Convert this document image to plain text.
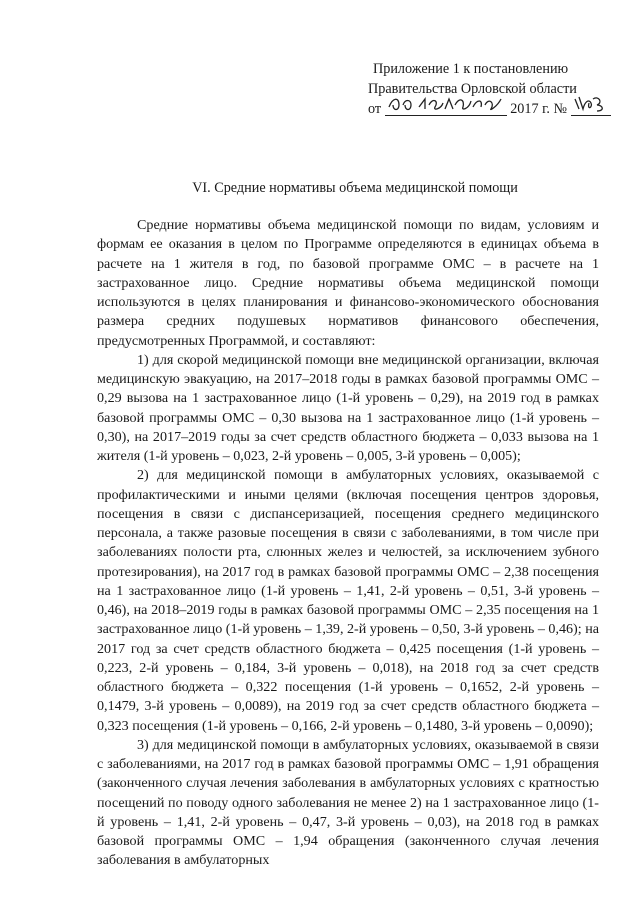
Приложение 1 к постановлению
Правительства Орловской области
от	2017 г. №
VI. Средние нормативы объема медицинской помощи

Средние нормативы объема медицинской помощи по видам, условиям и формам ее оказания в целом по Программе определяются в единицах объема в расчете на 1 жителя в год, по базовой программе ОМС – в расчете на 1 застрахованное лицо. Средние нормативы объема медицинской помощи используются в целях планирования и финансово-экономического обоснования размера средних подушевых нормативов финансового обеспечения, предусмотренных Программой, и составляют:

1) для скорой медицинской помощи вне медицинской организации, включая медицинскую эвакуацию, на 2017–2018 годы в рамках базовой программы ОМС – 0,29 вызова на 1 застрахованное лицо (1-й уровень – 0,29), на 2019 год в рамках базовой программы ОМС – 0,30 вызова на 1 застрахованное лицо (1-й уровень – 0,30), на 2017–2019 годы за счет средств областного бюджета – 0,033 вызова на 1 жителя (1-й уровень – 0,023, 2-й уровень – 0,005, 3-й уровень – 0,005);

2) для медицинской помощи в амбулаторных условиях, оказываемой с профилактическими и иными целями (включая посещения центров здоровья, посещения в связи с диспансеризацией, посещения среднего медицинского персонала, а также разовые посещения в связи с заболеваниями, в том числе при заболеваниях полости рта, слюнных желез и челюстей, за исключением зубного протезирования), на 2017 год в рамках базовой программы ОМС – 2,38 посещения на 1 застрахованное лицо (1-й уровень – 1,41, 2-й уровень – 0,51, 3-й уровень – 0,46), на 2018–2019 годы в рамках базовой программы ОМС – 2,35 посещения на 1 застрахованное лицо (1-й уровень – 1,39, 2-й уровень – 0,50, 3-й уровень – 0,46); на 2017 год за счет средств областного бюджета – 0,425 посещения (1-й уровень – 0,223, 2-й уровень – 0,184, 3-й уровень – 0,018), на 2018 год за счет средств областного бюджета – 0,322 посещения (1-й уровень – 0,1652, 2-й уровень – 0,1479, 3-й уровень – 0,0089), на 2019 год за счет средств областного бюджета – 0,323 посещения (1-й уровень – 0,166, 2-й уровень – 0,1480, 3-й уровень – 0,0090);

3) для медицинской помощи в амбулаторных условиях, оказываемой в связи с заболеваниями, на 2017 год в рамках базовой программы ОМС – 1,91 обращения (законченного случая лечения заболевания в амбулаторных условиях с кратностью посещений по поводу одного заболевания не менее 2) на 1 застрахованное лицо (1-й уровень – 1,41, 2-й уровень – 0,47, 3-й уровень – 0,03), на 2018 год в рамках базовой программы ОМС – 1,94 обращения (законченного случая лечения заболевания в амбулаторных
